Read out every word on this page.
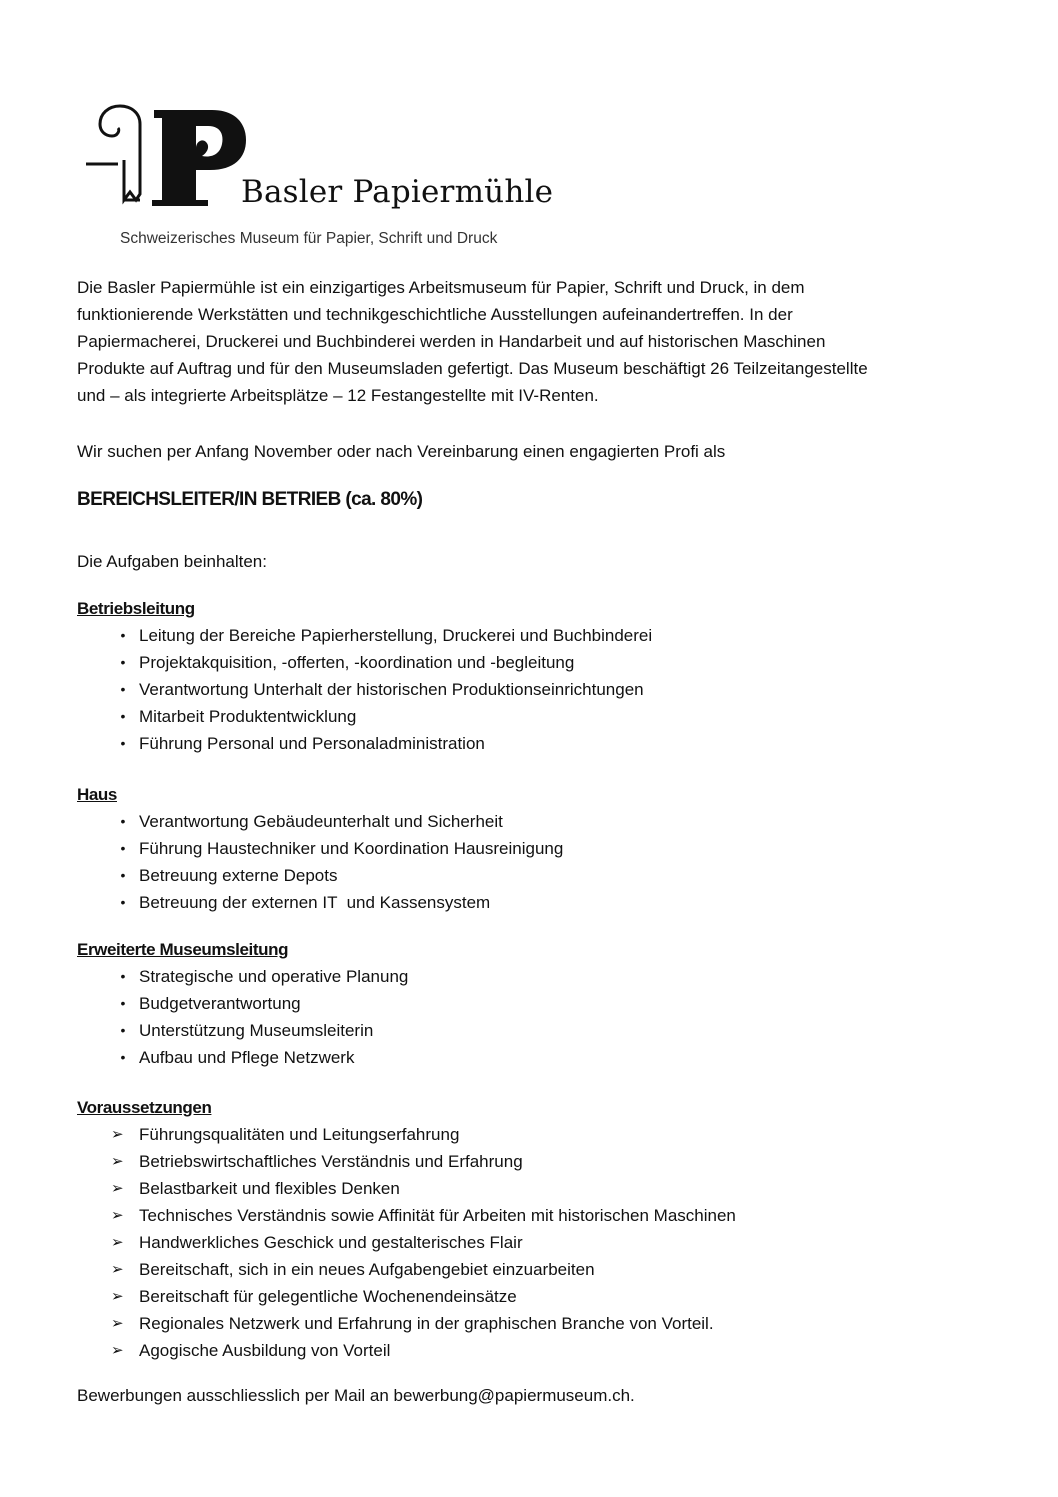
Basler Papiermühle
Schweizerisches Museum für Papier, Schrift und Druck
Die Basler Papiermühle ist ein einzigartiges Arbeitsmuseum für Papier, Schrift und Druck, in dem
funktionierende Werkstätten und technikgeschichtliche Ausstellungen aufeinandertreffen. In der
Papiermacherei, Druckerei und Buchbinderei werden in Handarbeit und auf historischen Maschinen
Produkte auf Auftrag und für den Museumsladen gefertigt. Das Museum beschäftigt 26 Teilzeitangestellte
und – als integrierte Arbeitsplätze – 12 Festangestellte mit IV-Renten.
Wir suchen per Anfang November oder nach Vereinbarung einen engagierten Profi als
BEREICHSLEITER/IN BETRIEB (ca. 80%)
Die Aufgaben beinhalten:
Betriebsleitung
• Leitung der Bereiche Papierherstellung, Druckerei und Buchbinderei
• Projektakquisition, -offerten, -koordination und -begleitung
• Verantwortung Unterhalt der historischen Produktionseinrichtungen
• Mitarbeit Produktentwicklung
• Führung Personal und Personaladministration
Haus
• Verantwortung Gebäudeunterhalt und Sicherheit
• Führung Haustechniker und Koordination Hausreinigung
• Betreuung externe Depots
• Betreuung der externen IT  und Kassensystem
Erweiterte Museumsleitung
• Strategische und operative Planung
• Budgetverantwortung
• Unterstützung Museumsleiterin
• Aufbau und Pflege Netzwerk
Voraussetzungen
➢ Führungsqualitäten und Leitungserfahrung
➢ Betriebswirtschaftliches Verständnis und Erfahrung
➢ Belastbarkeit und flexibles Denken
➢ Technisches Verständnis sowie Affinität für Arbeiten mit historischen Maschinen
➢ Handwerkliches Geschick und gestalterisches Flair
➢ Bereitschaft, sich in ein neues Aufgabengebiet einzuarbeiten
➢ Bereitschaft für gelegentliche Wochenendeinsätze
➢ Regionales Netzwerk und Erfahrung in der graphischen Branche von Vorteil.
➢ Agogische Ausbildung von Vorteil
Bewerbungen ausschliesslich per Mail an bewerbung@papiermuseum.ch.
